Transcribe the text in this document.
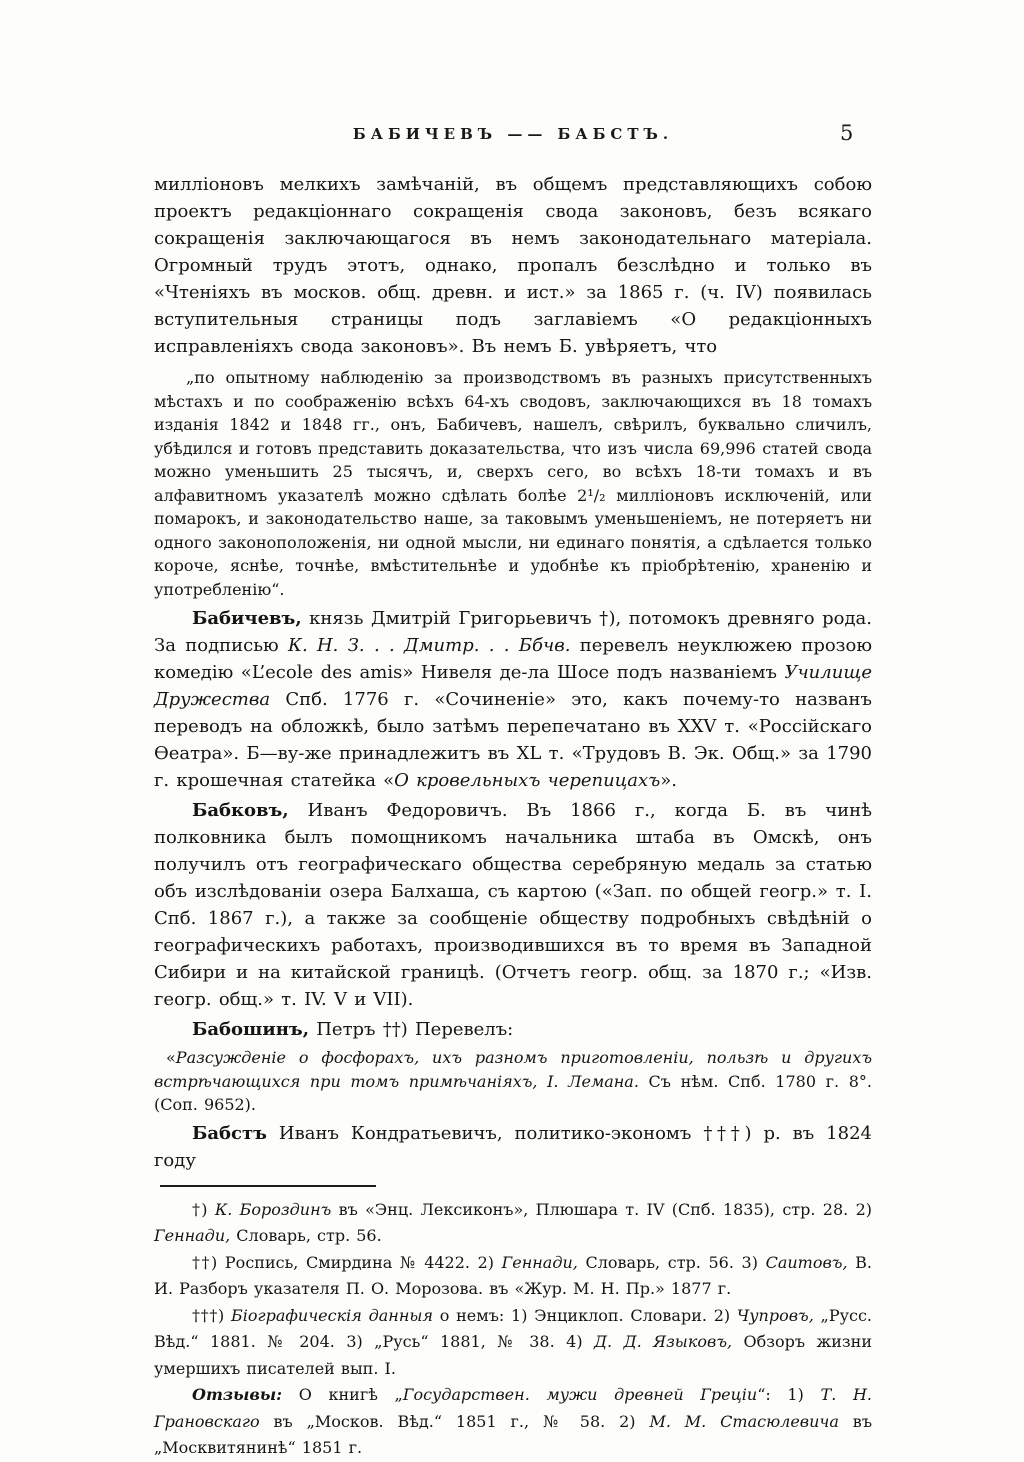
БАБИЧЕВЪ —— БАБСТЪ.	5

милліоновъ мелкихъ замѣчаній, въ общемъ представляющихъ собою проектъ редакціоннаго сокращенія свода законовъ, безъ всякаго сокращенія заключающагося въ немъ законодательнаго матеріала. Огромный трудъ этотъ, однако, пропалъ безслѣдно и только въ «Чтеніяхъ въ москов. общ. древн. и ист.» за 1865 г. (ч. IV) появилась вступительныя страницы подъ заглавіемъ «О редакціонныхъ исправленіяхъ свода законовъ». Въ немъ Б. увѣряетъ, что

„по опытному наблюденію за производствомъ въ разныхъ присутственныхъ мѣстахъ и по соображенію всѣхъ 64-хъ сводовъ, заключающихся въ 18 томахъ изданія 1842 и 1848 гг., онъ, Бабичевъ, нашелъ, свѣрилъ, буквально сличилъ, убѣдился и готовъ представить доказательства, что изъ числа 69,996 статей свода можно уменьшить 25 тысячъ, и, сверхъ сего, во всѣхъ 18-ти томахъ и въ алфавитномъ указателѣ можно сдѣлать болѣе 2¹/₂ милліоновъ исключеній, или помарокъ, и законодательство наше, за таковымъ уменьшеніемъ, не потеряетъ ни одного законоположенія, ни одной мысли, ни единаго понятія, а сдѣлается только короче, яснѣе, точнѣе, вмѣстительнѣе и удобнѣе къ пріобрѣтенію, храненію и употребленію“.

Бабичевъ, князь Дмитрій Григорьевичъ †), потомокъ древняго рода. За подписью К. Н. З. . . Дмитр. . . Ббчв. перевелъ неуклюжею прозою комедію «L’ecole des amis» Нивеля де-ла Шосе подъ названіемъ Училище Дружества Спб. 1776 г. «Сочиненіе» это, какъ почему-то названъ переводъ на обложкѣ, было затѣмъ перепечатано въ XXV т. «Россійскаго Ѳеатра». Б—ву-же принадлежитъ въ XL т. «Трудовъ В. Эк. Общ.» за 1790 г. крошечная статейка «О кровельныхъ черепицахъ».

Бабковъ, Иванъ Федоровичъ. Въ 1866 г., когда Б. въ чинѣ полковника былъ помощникомъ начальника штаба въ Омскѣ, онъ получилъ отъ географическаго общества серебряную медаль за статью объ изслѣдованіи озера Балхаша, съ картою («Зап. по общей геогр.» т. I. Спб. 1867 г.), а также за сообщеніе обществу подробныхъ свѣдѣній о географическихъ работахъ, производившихся въ то время въ Западной Сибири и на китайской границѣ. (Отчетъ геогр. общ. за 1870 г.; «Изв. геогр. общ.» т. IV. V и VII).

Бабошинъ, Петръ ††) Перевелъ:

«Разсужденіе о фосфорахъ, ихъ разномъ приготовленіи, пользѣ и другихъ встрѣчающихся при томъ примѣчаніяхъ, І. Лемана. Съ нѣм. Спб. 1780 г. 8°. (Соп. 9652).

Бабстъ Иванъ Кондратьевичъ, политико-экономъ †††) р. въ 1824 году

†) К. Бороздинъ въ «Энц. Лексиконъ», Плюшара т. IV (Спб. 1835), стр. 28. 2) Геннади, Словарь, стр. 56.

††) Роспись, Смирдина № 4422. 2) Геннади, Словарь, стр. 56. 3) Саитовъ, В. И. Разборъ указателя П. О. Морозова. въ «Жур. М. Н. Пр.» 1877 г.

†††) Біографическія данныя о немъ: 1) Энциклоп. Словари. 2) Чупровъ, „Русс. Вѣд.“ 1881. № 204. 3) „Русь“ 1881, № 38. 4) Д. Д. Языковъ, Обзоръ жизни умершихъ писателей вып. I.

Отзывы: О книгѣ „Государствен. мужи древней Греціи“: 1) Т. Н. Грановскаго въ „Москов. Вѣд.“ 1851 г., № 58. 2) М. М. Стасюлевича въ „Москвитянинѣ“ 1851 г.
